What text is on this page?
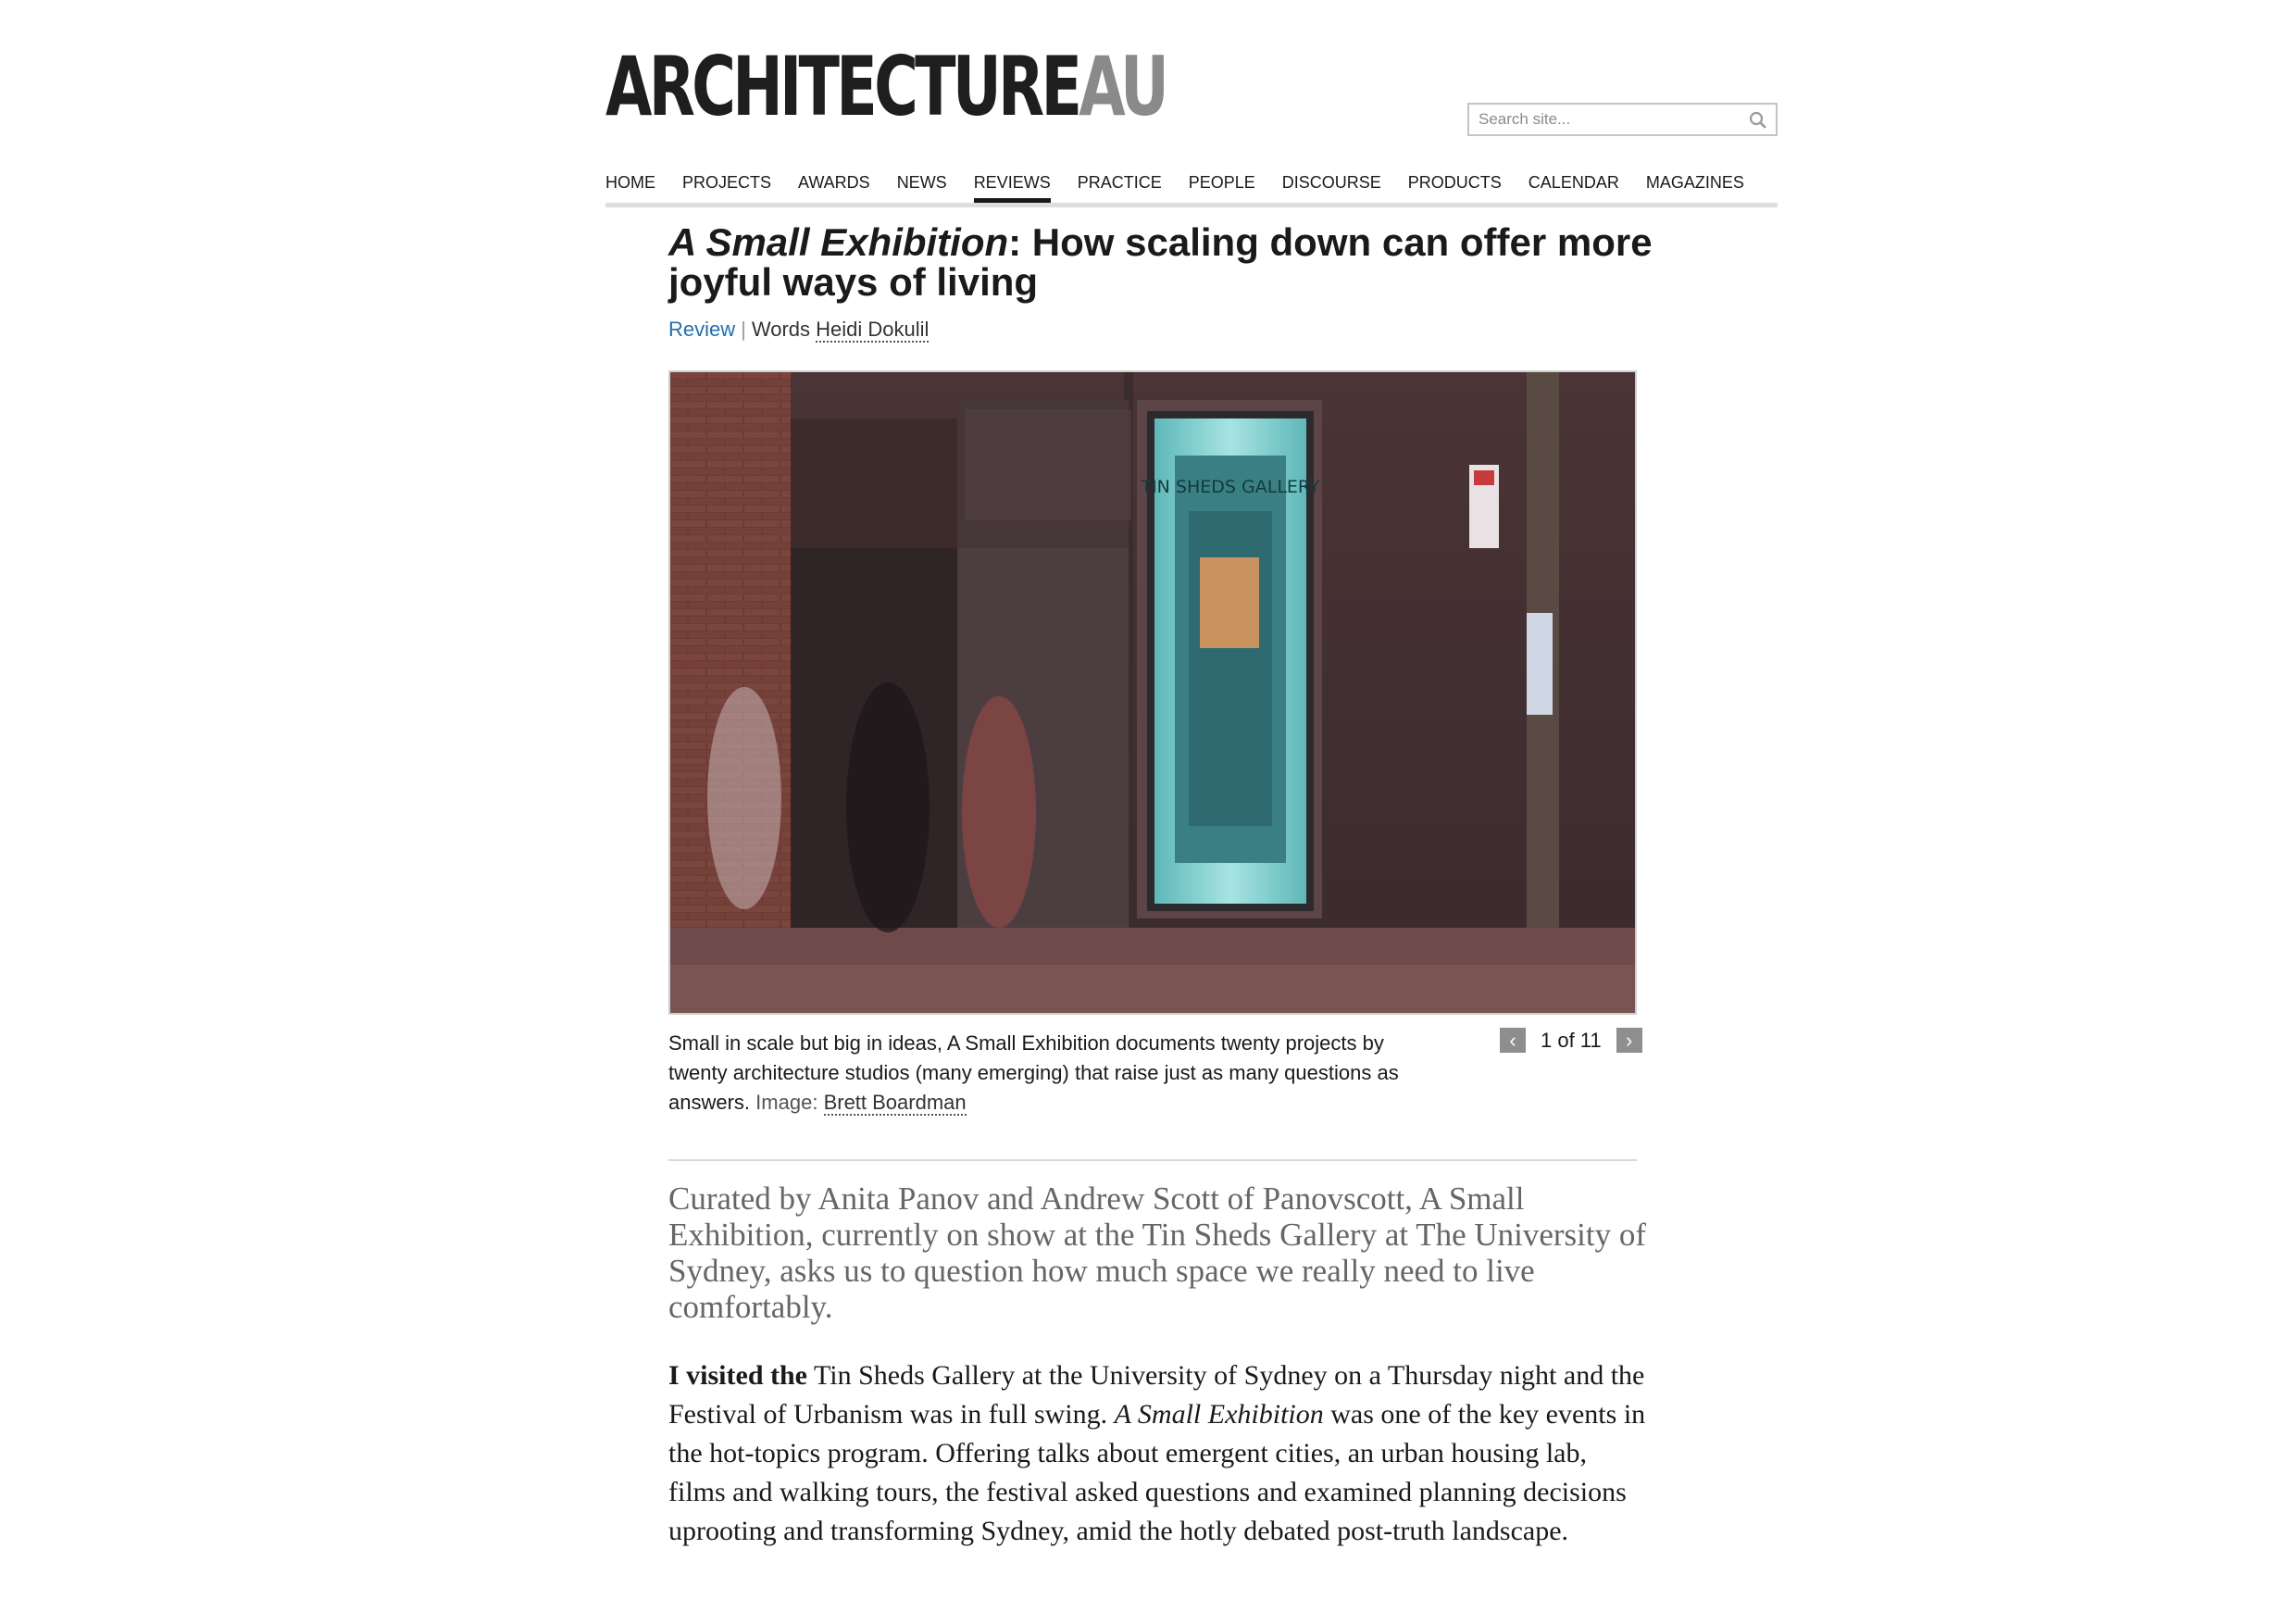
ARCHITECTUREAU
Search site...
HOME PROJECTS AWARDS NEWS REVIEWS PRACTICE PEOPLE DISCOURSE PRODUCTS CALENDAR MAGAZINES
A Small Exhibition: How scaling down can offer more joyful ways of living
Review | Words Heidi Dokulil
TIN SHEDS GALLERY
Small in scale but big in ideas, A Small Exhibition documents twenty projects by twenty architecture studios (many emerging) that raise just as many questions as answers. Image: Brett Boardman
‹ 1 of 11 ›

Curated by Anita Panov and Andrew Scott of Panovscott, A Small Exhibition, currently on show at the Tin Sheds Gallery at The University of Sydney, asks us to question how much space we really need to live comfortably.

I visited the Tin Sheds Gallery at the University of Sydney on a Thursday night and the Festival of Urbanism was in full swing. A Small Exhibition was one of the key events in the hot-topics program. Offering talks about emergent cities, an urban housing lab, films and walking tours, the festival asked questions and examined planning decisions uprooting and transforming Sydney, amid the hotly debated post-truth landscape.
